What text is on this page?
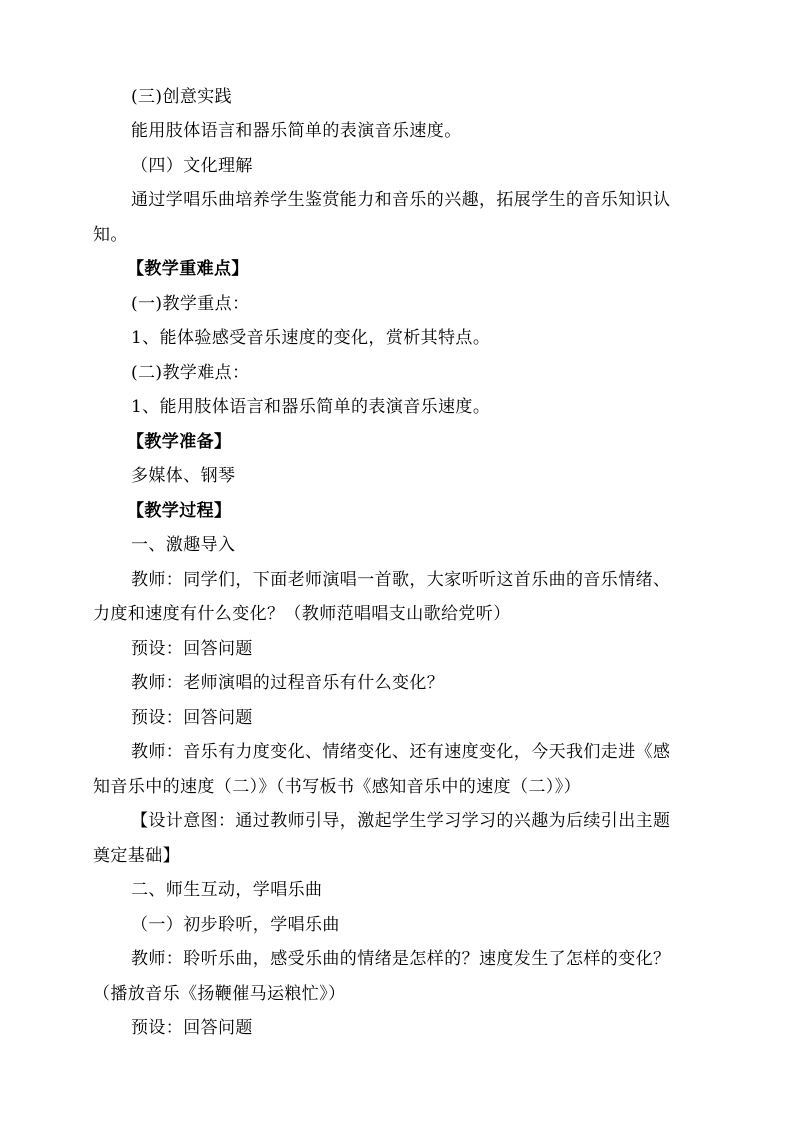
(三)创意实践
能用肢体语言和器乐简单的表演音乐速度。
（四）文化理解
通过学唱乐曲培养学生鉴赏能力和音乐的兴趣，拓展学生的音乐知识认
知。
【教学重难点】
(一)教学重点：
1、能体验感受音乐速度的变化，赏析其特点。
(二)教学难点：
1、能用肢体语言和器乐简单的表演音乐速度。
【教学准备】
多媒体、钢琴
【教学过程】
一、激趣导入
教师：同学们，下面老师演唱一首歌，大家听听这首乐曲的音乐情绪、
力度和速度有什么变化？（教师范唱唱支山歌给党听）
预设：回答问题
教师：老师演唱的过程音乐有什么变化？
预设：回答问题
教师：音乐有力度变化、情绪变化、还有速度变化，今天我们走进《感
知音乐中的速度（二）》（书写板书《感知音乐中的速度（二）》）
【设计意图：通过教师引导，激起学生学习学习的兴趣为后续引出主题
奠定基础】
二、师生互动，学唱乐曲
（一）初步聆听，学唱乐曲
教师：聆听乐曲，感受乐曲的情绪是怎样的？速度发生了怎样的变化？
（播放音乐《扬鞭催马运粮忙》）
预设：回答问题
